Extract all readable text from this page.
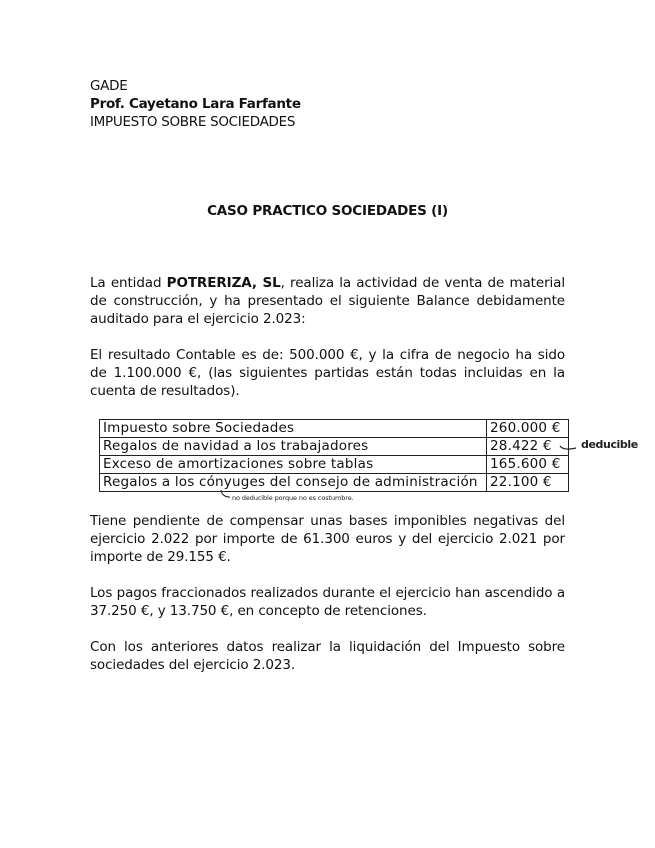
GADE
Prof. Cayetano Lara Farfante
IMPUESTO SOBRE SOCIEDADES
CASO PRACTICO SOCIEDADES (I)
La entidad POTRERIZA, SL, realiza la actividad de venta de material de construcción, y ha presentado el siguiente Balance debidamente auditado para el ejercicio 2.023:
El resultado Contable es de: 500.000 €, y la cifra de negocio ha sido de 1.100.000 €, (las siguientes partidas están todas incluidas en la cuenta de resultados).
Impuesto sobre Sociedades	260.000 €
Regalos de navidad a los trabajadores	28.422 €
Exceso de amortizaciones sobre tablas	165.600 €
Regalos a los cónyuges del consejo de administración	22.100 €
deducible
no deducible porque no es costumbre.
Tiene pendiente de compensar unas bases imponibles negativas del ejercicio 2.022 por importe de 61.300 euros y del ejercicio 2.021 por importe de 29.155 €.
Los pagos fraccionados realizados durante el ejercicio han ascendido a 37.250 €, y 13.750 €, en concepto de retenciones.
Con los anteriores datos realizar la liquidación del Impuesto sobre sociedades del ejercicio 2.023.
